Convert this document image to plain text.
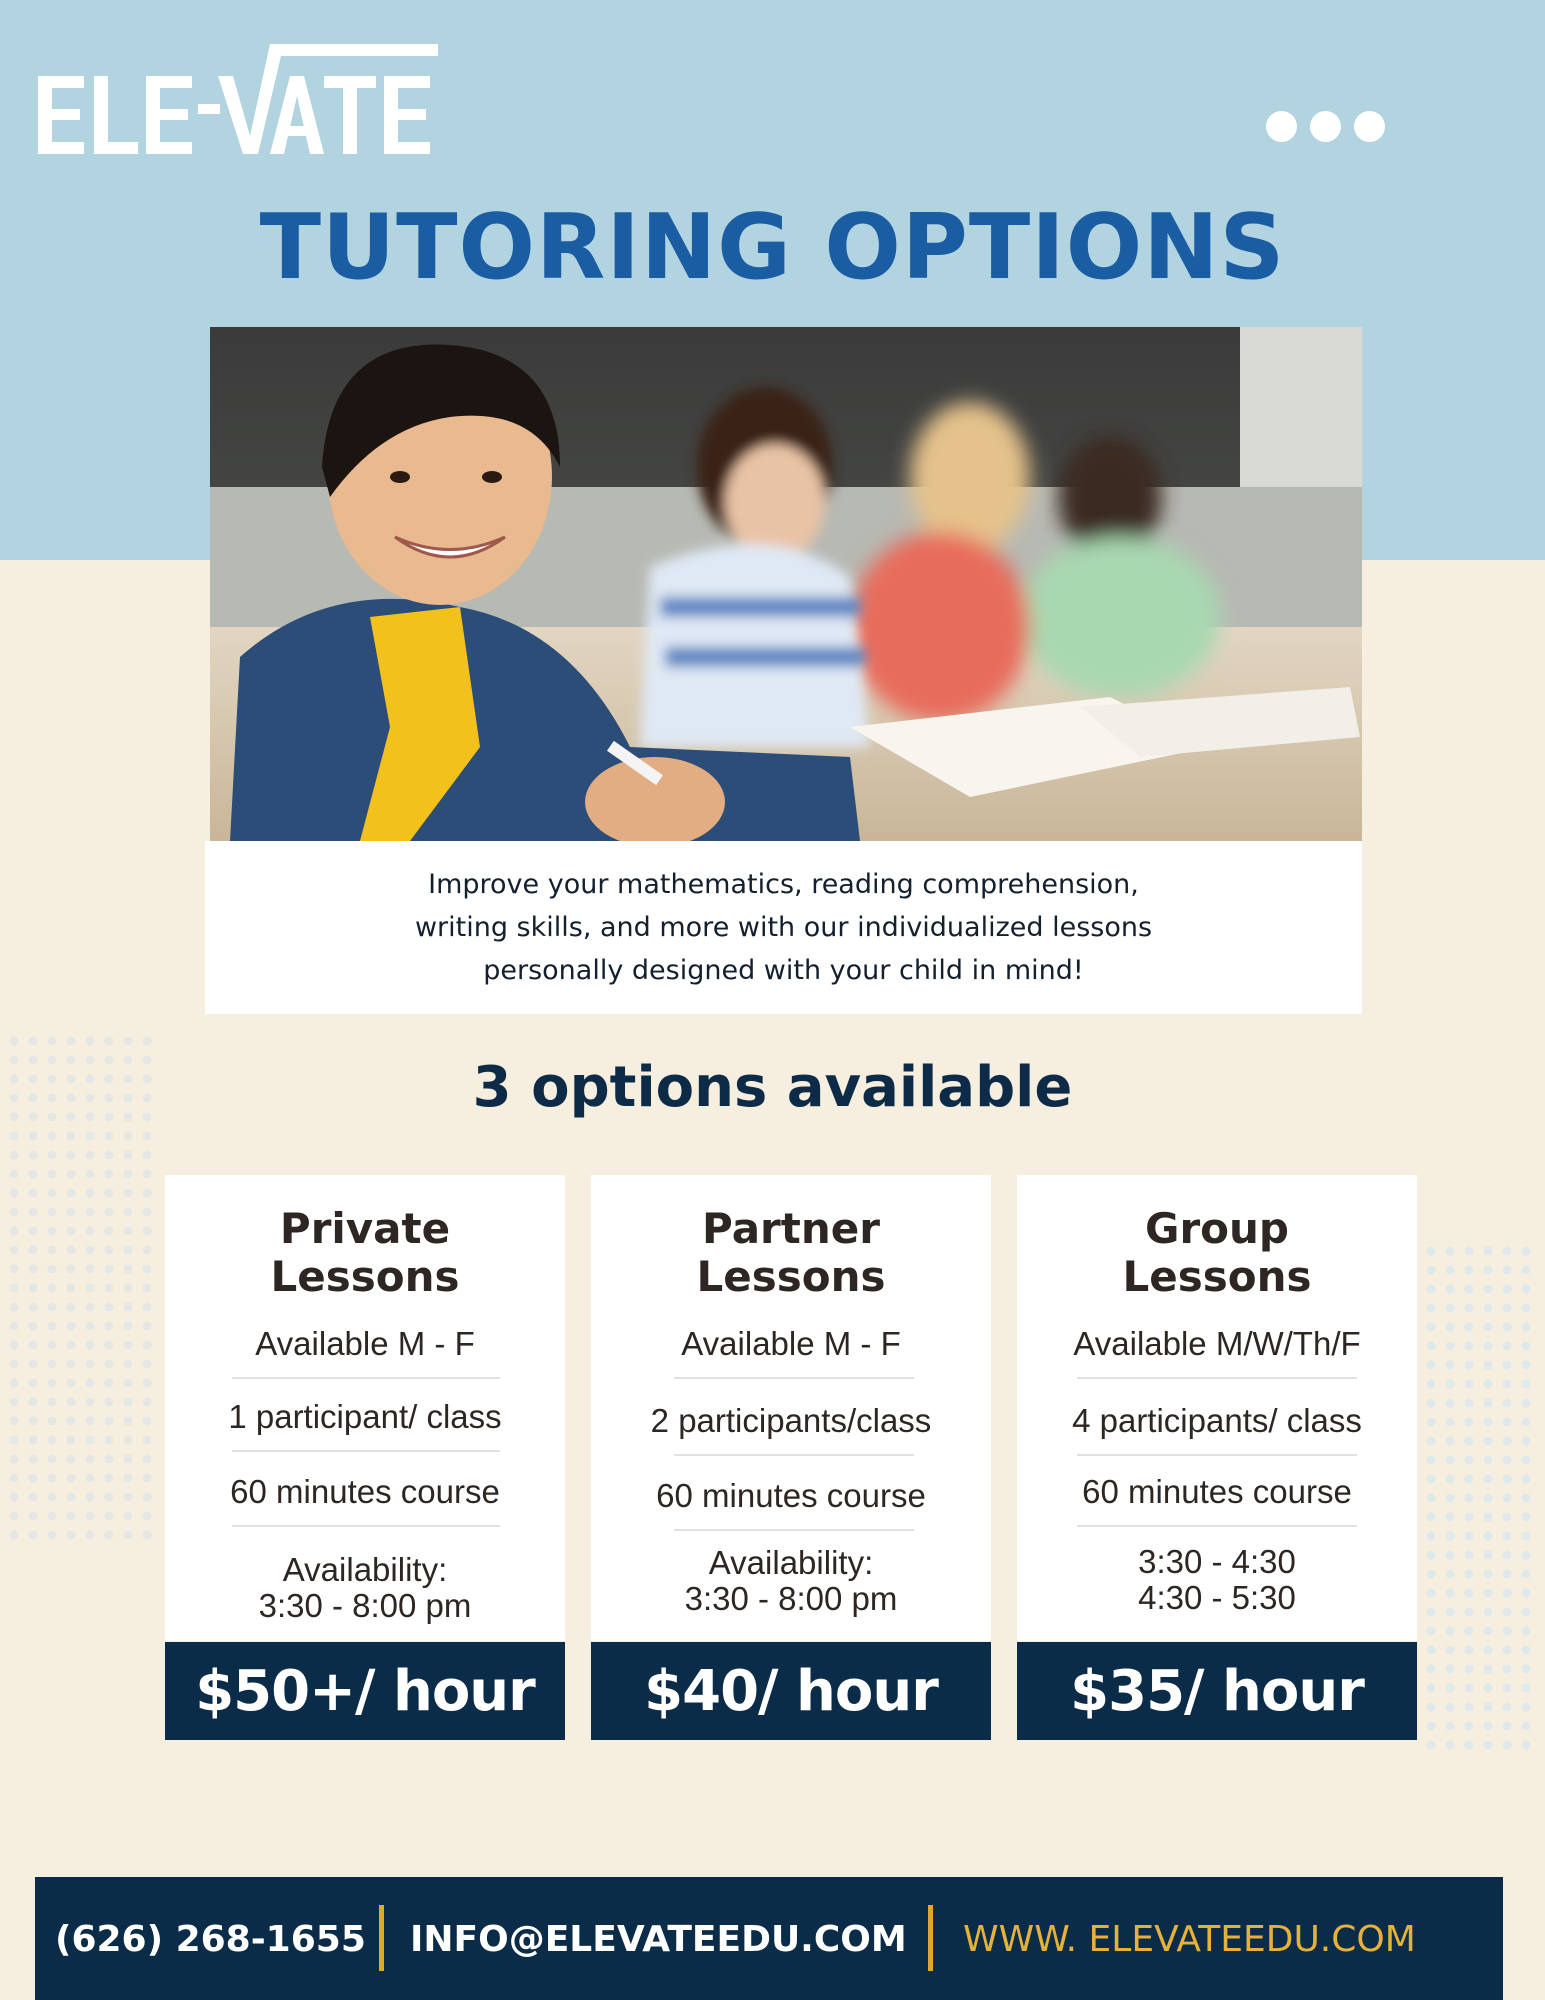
TUTORING OPTIONS

Improve your mathematics, reading comprehension,
writing skills, and more with our individualized lessons
personally designed with your child in mind!

3 options available
Private
Lessons
Available M - F
1 participant/ class
60 minutes course
Availability:
3:30 - 8:00 pm
$50+/ hour
Partner
Lessons
Available M - F
2 participants/class
60 minutes course
Availability:
3:30 - 8:00 pm
$40/ hour
Group
Lessons
Available M/W/Th/F
4 participants/ class
60 minutes course
3:30 - 4:30
4:30 - 5:30
$35/ hour
(626) 268-1655 INFO@ELEVATEEDU.COM WWW. ELEVATEEDU.COM
